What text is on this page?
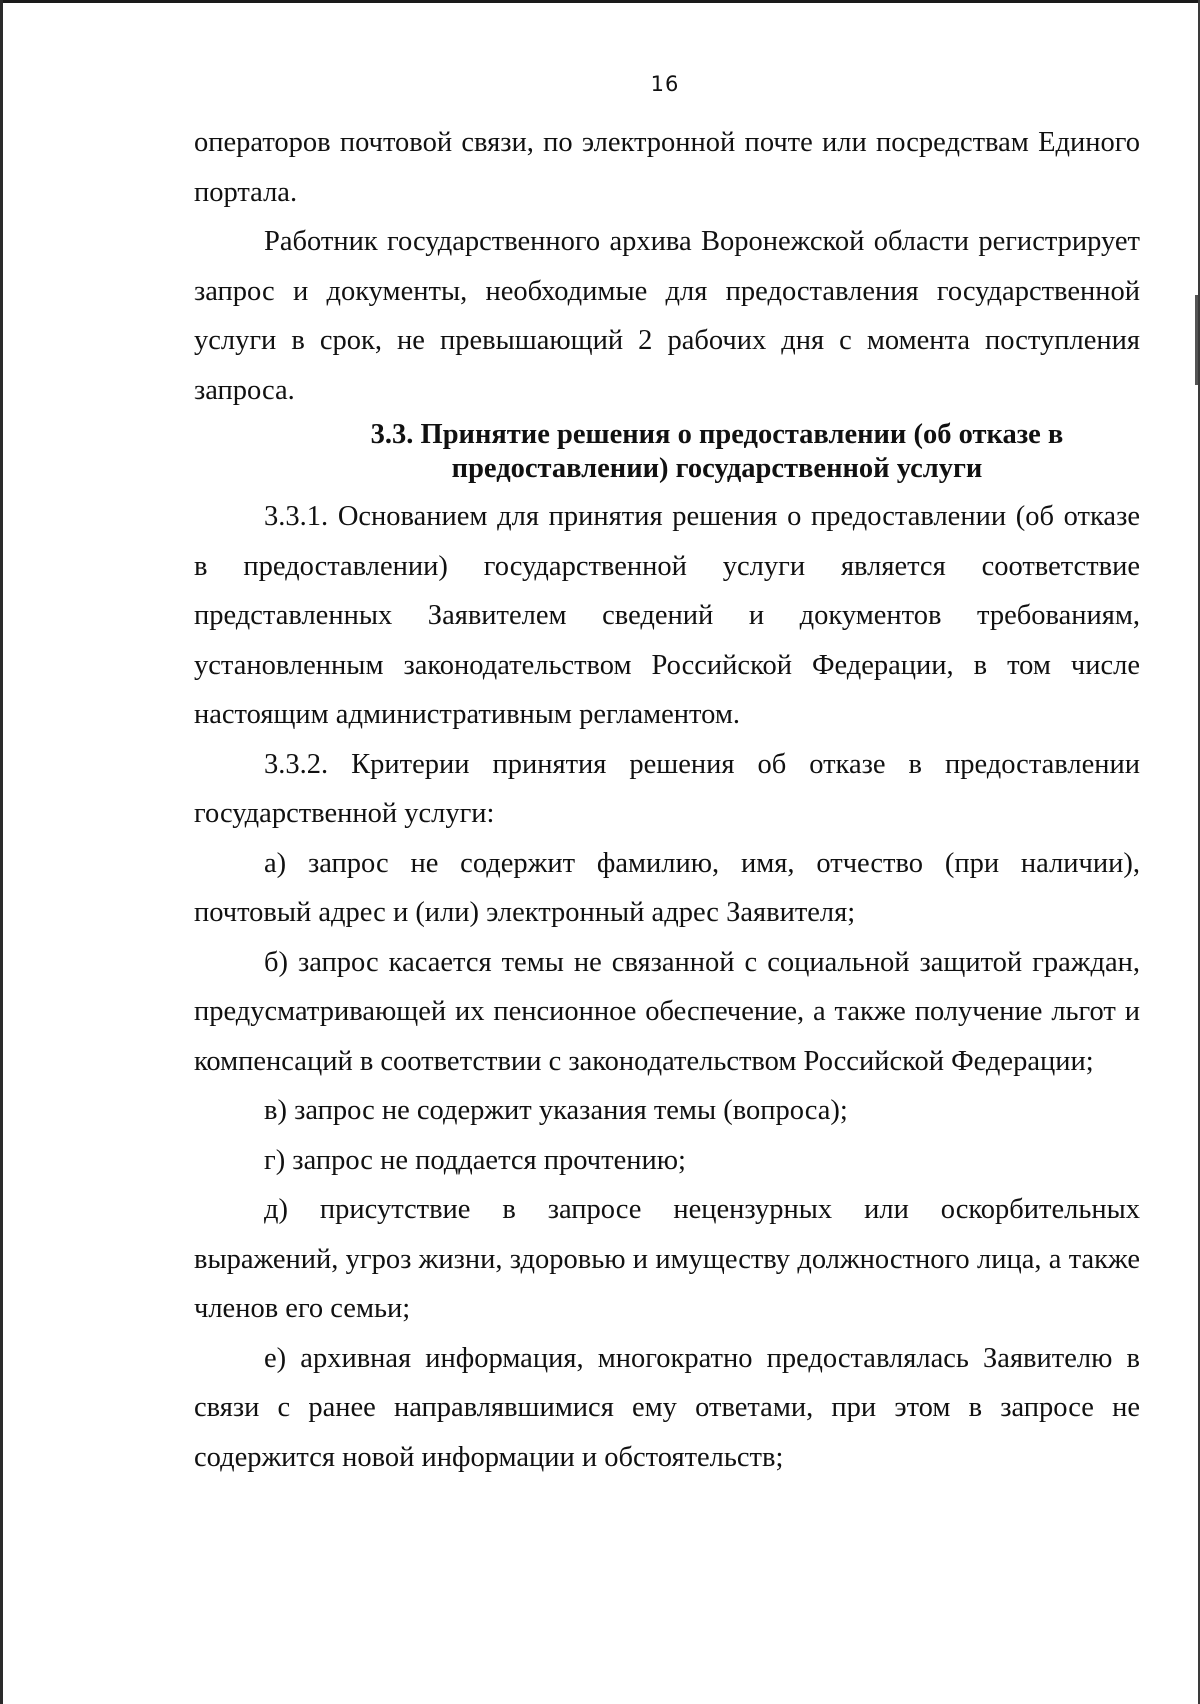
16

операторов почтовой связи, по электронной почте или посредствам Единого портала.

Работник государственного архива Воронежской области регистрирует запрос и документы, необходимые для предоставления государственной услуги в срок, не превышающий 2 рабочих дня с момента поступления запроса.

3.3. Принятие решения о предоставлении (об отказе в
предоставлении) государственной услуги

3.3.1. Основанием для принятия решения о предоставлении (об отказе в предоставлении) государственной услуги является соответствие представленных Заявителем сведений и документов требованиям, установленным законодательством Российской Федерации, в том числе настоящим административным регламентом.

3.3.2. Критерии принятия решения об отказе в предоставлении государственной услуги:

а) запрос не содержит фамилию, имя, отчество (при наличии), почтовый адрес и (или) электронный адрес Заявителя;

б) запрос касается темы не связанной с социальной защитой граждан, предусматривающей их пенсионное обеспечение, а также получение льгот и компенсаций в соответствии с законодательством Российской Федерации;

в) запрос не содержит указания темы (вопроса);

г) запрос не поддается прочтению;

д) присутствие в запросе нецензурных или оскорбительных выражений, угроз жизни, здоровью и имуществу должностного лица, а также членов его семьи;

е) архивная информация, многократно предоставлялась Заявителю в связи с ранее направлявшимися ему ответами, при этом в запросе не содержится новой информации и обстоятельств;
